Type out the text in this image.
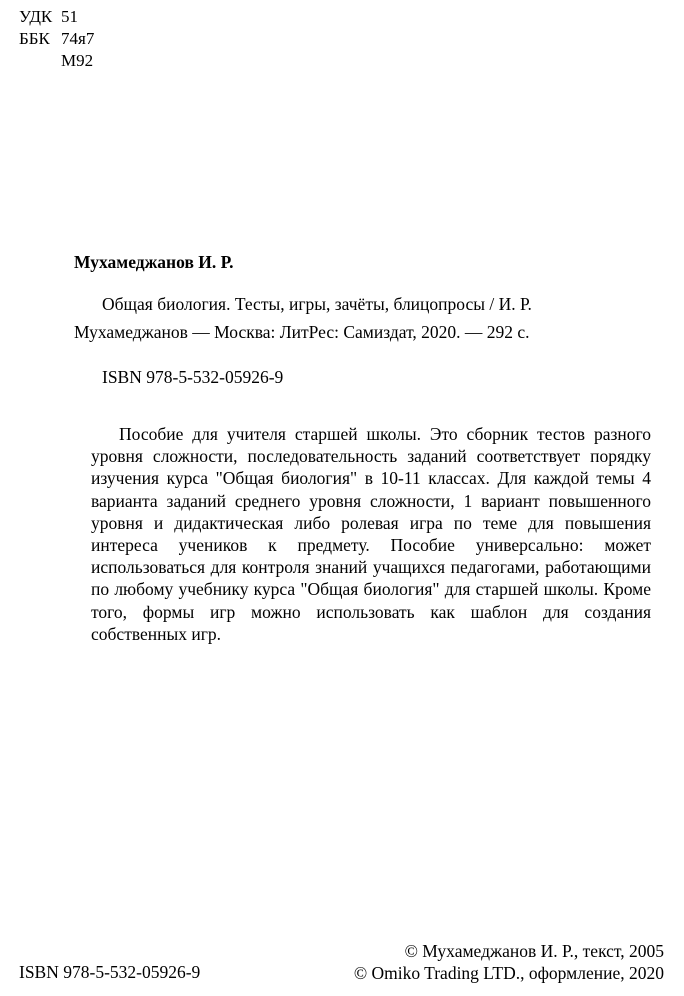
УДК 51
ББК 74я7
М92
Мухамеджанов И. Р.
Общая биология. Тесты, игры, зачёты, блицопросы / И. Р. Мухамеджанов — Москва: ЛитРес: Самиздат, 2020. — 292 с.
ISBN 978-5-532-05926-9
Пособие для учителя старшей школы. Это сборник тестов разного уровня сложности, последовательность заданий соответствует порядку изучения курса "Общая биология" в 10-11 классах. Для каждой темы 4 варианта заданий среднего уровня сложности, 1 вариант повышенного уровня и дидактическая либо ролевая игра по теме для повышения интереса учеников к предмету. Пособие универсально: может использоваться для контроля знаний учащихся педагогами, работающими по любому учебнику курса "Общая биология" для старшей школы. Кроме того, формы игр можно использовать как шаблон для создания собственных игр.
ISBN 978-5-532-05926-9
© Мухамеджанов И. Р., текст, 2005
© Omiko Trading LTD., оформление, 2020
